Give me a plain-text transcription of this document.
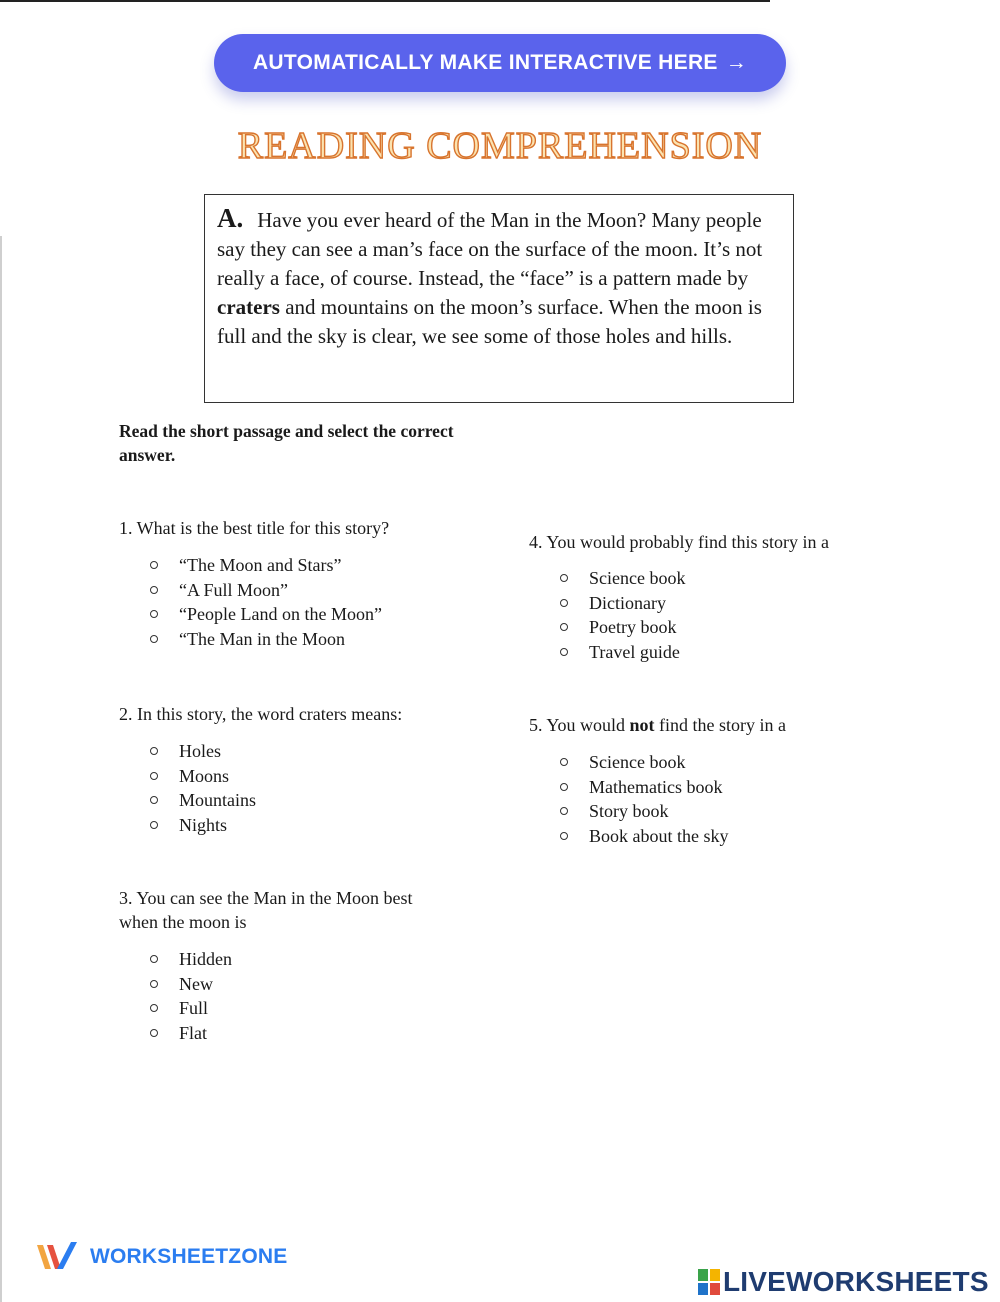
AUTOMATICALLY MAKE INTERACTIVE HERE →
READING COMPREHENSION
A. Have you ever heard of the Man in the Moon? Many people say they can see a man’s face on the surface of the moon. It’s not really a face, of course. Instead, the “face” is a pattern made by craters and mountains on the moon’s surface. When the moon is full and the sky is clear, we see some of those holes and hills.
Read the short passage and select the correct answer.

1. What is the best title for this story?

“The Moon and Stars”
“A Full Moon”
“People Land on the Moon”
“The Man in the Moon

2. In this story, the word craters means:

Holes
Moons
Mountains
Nights

3. You can see the Man in the Moon best when the moon is

Hidden
New
Full
Flat

4. You would probably find this story in a

Science book
Dictionary
Poetry book
Travel guide

5. You would not find the story in a

Science book
Mathematics book
Story book
Book about the sky
WORKSHEETZONE
LIVEWORKSHEETS
